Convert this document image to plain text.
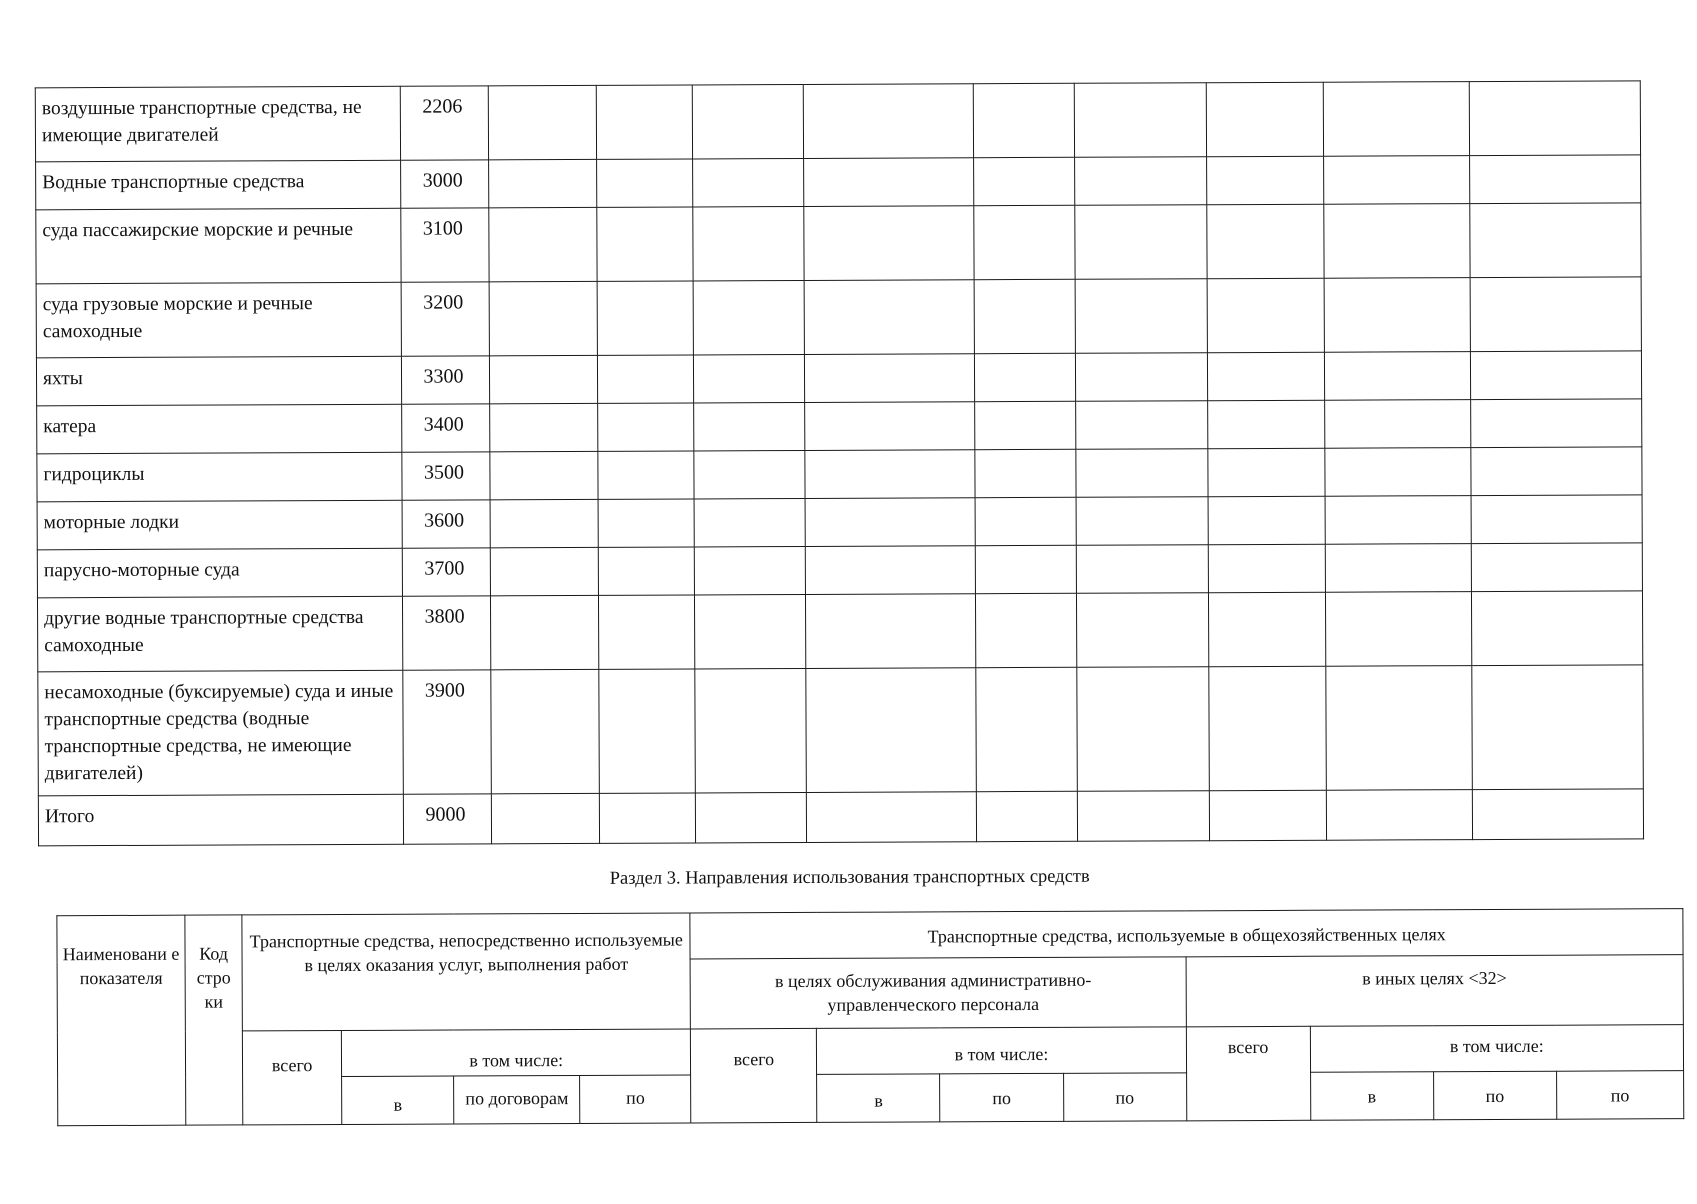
воздушные транспортные средства, не имеющие двигателей	2206									
Водные транспортные средства	3000									
суда пассажирские морские и речные	3100									
суда грузовые морские и речные самоходные	3200									
яхты	3300									
катера	3400									
гидроциклы	3500									
моторные лодки	3600									
парусно-моторные суда	3700									
другие водные транспортные средства самоходные	3800									
несамоходные (буксируемые) суда и иные транспортные средства (водные транспортные средства, не имеющие двигателей)	3900									
Итого	9000									
Раздел 3. Направления использования транспортных средств
Наименовани е показателя	Код стро ки	Транспортные средства, непосредственно используемые в целях оказания услуг, выполнения работ				Транспортные средства, используемые в общехозяйственных целях							
						в целях обслуживания административно-управленческого персонала				в иных целях <32>			
		всего	в том числе:			всего	в том числе:			всего	в том числе:		
			в	по договорам	по		в	по	по		в	по	по
